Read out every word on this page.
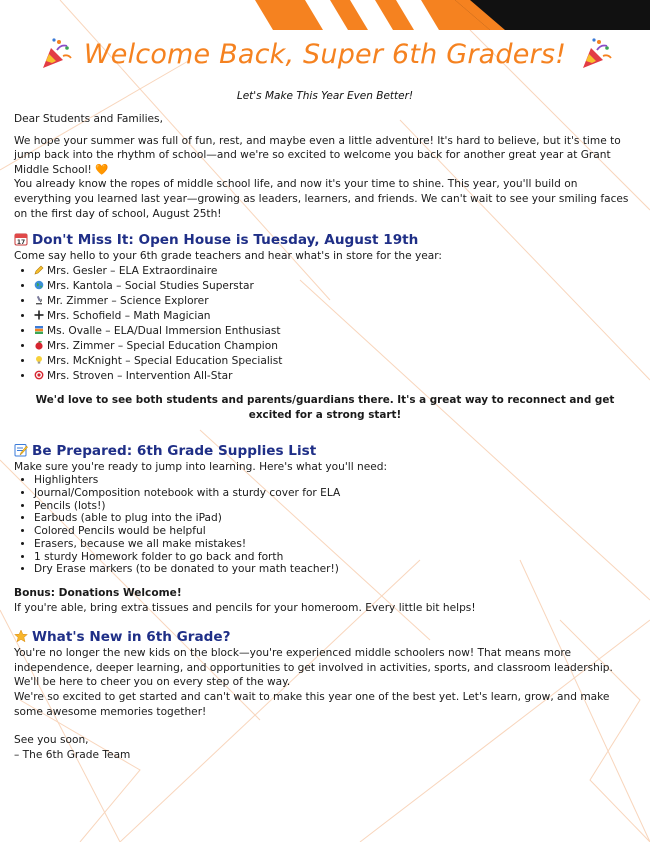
Welcome Back, Super 6th Graders!
Let's Make This Year Even Better!

Dear Students and Families,

We hope your summer was full of fun, rest, and maybe even a little adventure! It's hard to believe, but it's time to jump back into the rhythm of school—and we're so excited to welcome you back for another great year at Grant Middle School! 🧡

You already know the ropes of middle school life, and now it's your time to shine. This year, you'll build on everything you learned last year—growing as leaders, learners, and friends. We can't wait to see your smiling faces on the first day of school, August 25th!

17 Don't Miss It: Open House is Tuesday, August 19th

Come say hello to your 6th grade teachers and hear what's in store for the year:

• Mrs. Gesler – ELA Extraordinaire
• Mrs. Kantola – Social Studies Superstar
• Mr. Zimmer – Science Explorer
• Mrs. Schofield – Math Magician
• Ms. Ovalle – ELA/Dual Immersion Enthusiast
• Mrs. Zimmer – Special Education Champion
• Mrs. McKnight – Special Education Specialist
• Mrs. Stroven – Intervention All-Star

We'd love to see both students and parents/guardians there. It's a great way to reconnect and get excited for a strong start!

Be Prepared: 6th Grade Supplies List

Make sure you're ready to jump into learning. Here's what you'll need:

• Highlighters
• Journal/Composition notebook with a sturdy cover for ELA
• Pencils (lots!)
• Earbuds (able to plug into the iPad)
• Colored Pencils would be helpful
• Erasers, because we all make mistakes!
• 1 sturdy Homework folder to go back and forth
• Dry Erase markers (to be donated to your math teacher!)

Bonus: Donations Welcome!

If you're able, bring extra tissues and pencils for your homeroom. Every little bit helps!

What's New in 6th Grade?

You're no longer the new kids on the block—you're experienced middle schoolers now! That means more independence, deeper learning, and opportunities to get involved in activities, sports, and classroom leadership. We'll be here to cheer you on every step of the way.

We're so excited to get started and can't wait to make this year one of the best yet. Let's learn, grow, and make some awesome memories together!

See you soon,

– The 6th Grade Team
